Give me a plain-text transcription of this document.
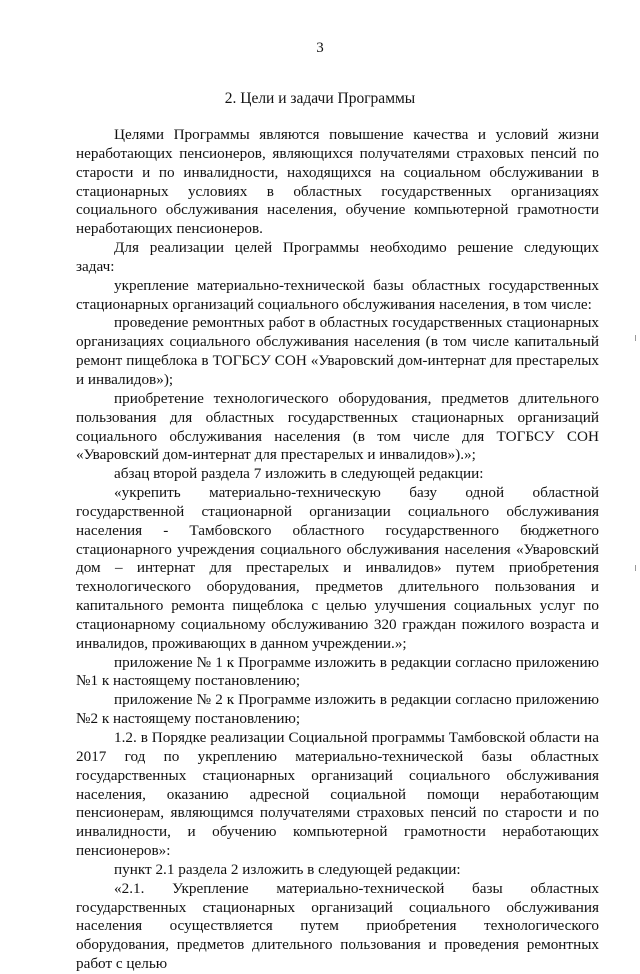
3
2. Цели и задачи Программы

Целями Программы являются повышение качества и условий жизни неработающих пенсионеров, являющихся получателями страховых пенсий по старости и по инвалидности, находящихся на социальном обслуживании в стационарных условиях в областных государственных организациях социального обслуживания населения, обучение компьютерной грамотности неработающих пенсионеров.

Для реализации целей Программы необходимо решение следующих задач:

укрепление материально-технической базы областных государственных стационарных организаций социального обслуживания населения, в том числе:

проведение ремонтных работ в областных государственных стационарных организациях социального обслуживания населения (в том числе капитальный ремонт пищеблока в ТОГБСУ СОН «Уваровский дом-интернат для престарелых и инвалидов»);

приобретение технологического оборудования, предметов длительного пользования для областных государственных стационарных организаций социального обслуживания населения (в том числе для ТОГБСУ СОН «Уваровский дом-интернат для престарелых и инвалидов»).»;

абзац второй раздела 7 изложить в следующей редакции:

«укрепить материально-техническую базу одной областной государственной стационарной организации социального обслуживания населения - Тамбовского областного государственного бюджетного стационарного учреждения социального обслуживания населения «Уваровский дом – интернат для престарелых и инвалидов» путем приобретения технологического оборудования, предметов длительного пользования и капитального ремонта пищеблока с целью улучшения социальных услуг по стационарному социальному обслуживанию 320 граждан пожилого возраста и инвалидов, проживающих в данном учреждении.»;

приложение № 1 к Программе изложить в редакции согласно приложению №1 к настоящему постановлению;

приложение № 2 к Программе изложить в редакции согласно приложению №2 к настоящему постановлению;

1.2. в Порядке реализации Социальной программы Тамбовской области на 2017 год по укреплению материально-технической базы областных государственных стационарных организаций социального обслуживания населения, оказанию адресной социальной помощи неработающим пенсионерам, являющимся получателями страховых пенсий по старости и по инвалидности, и обучению компьютерной грамотности неработающих пенсионеров»:

пункт 2.1 раздела 2 изложить в следующей редакции:

«2.1. Укрепление материально-технической базы областных государственных стационарных организаций социального обслуживания населения осуществляется путем приобретения технологического оборудования, предметов длительного пользования и проведения ремонтных работ с целью
